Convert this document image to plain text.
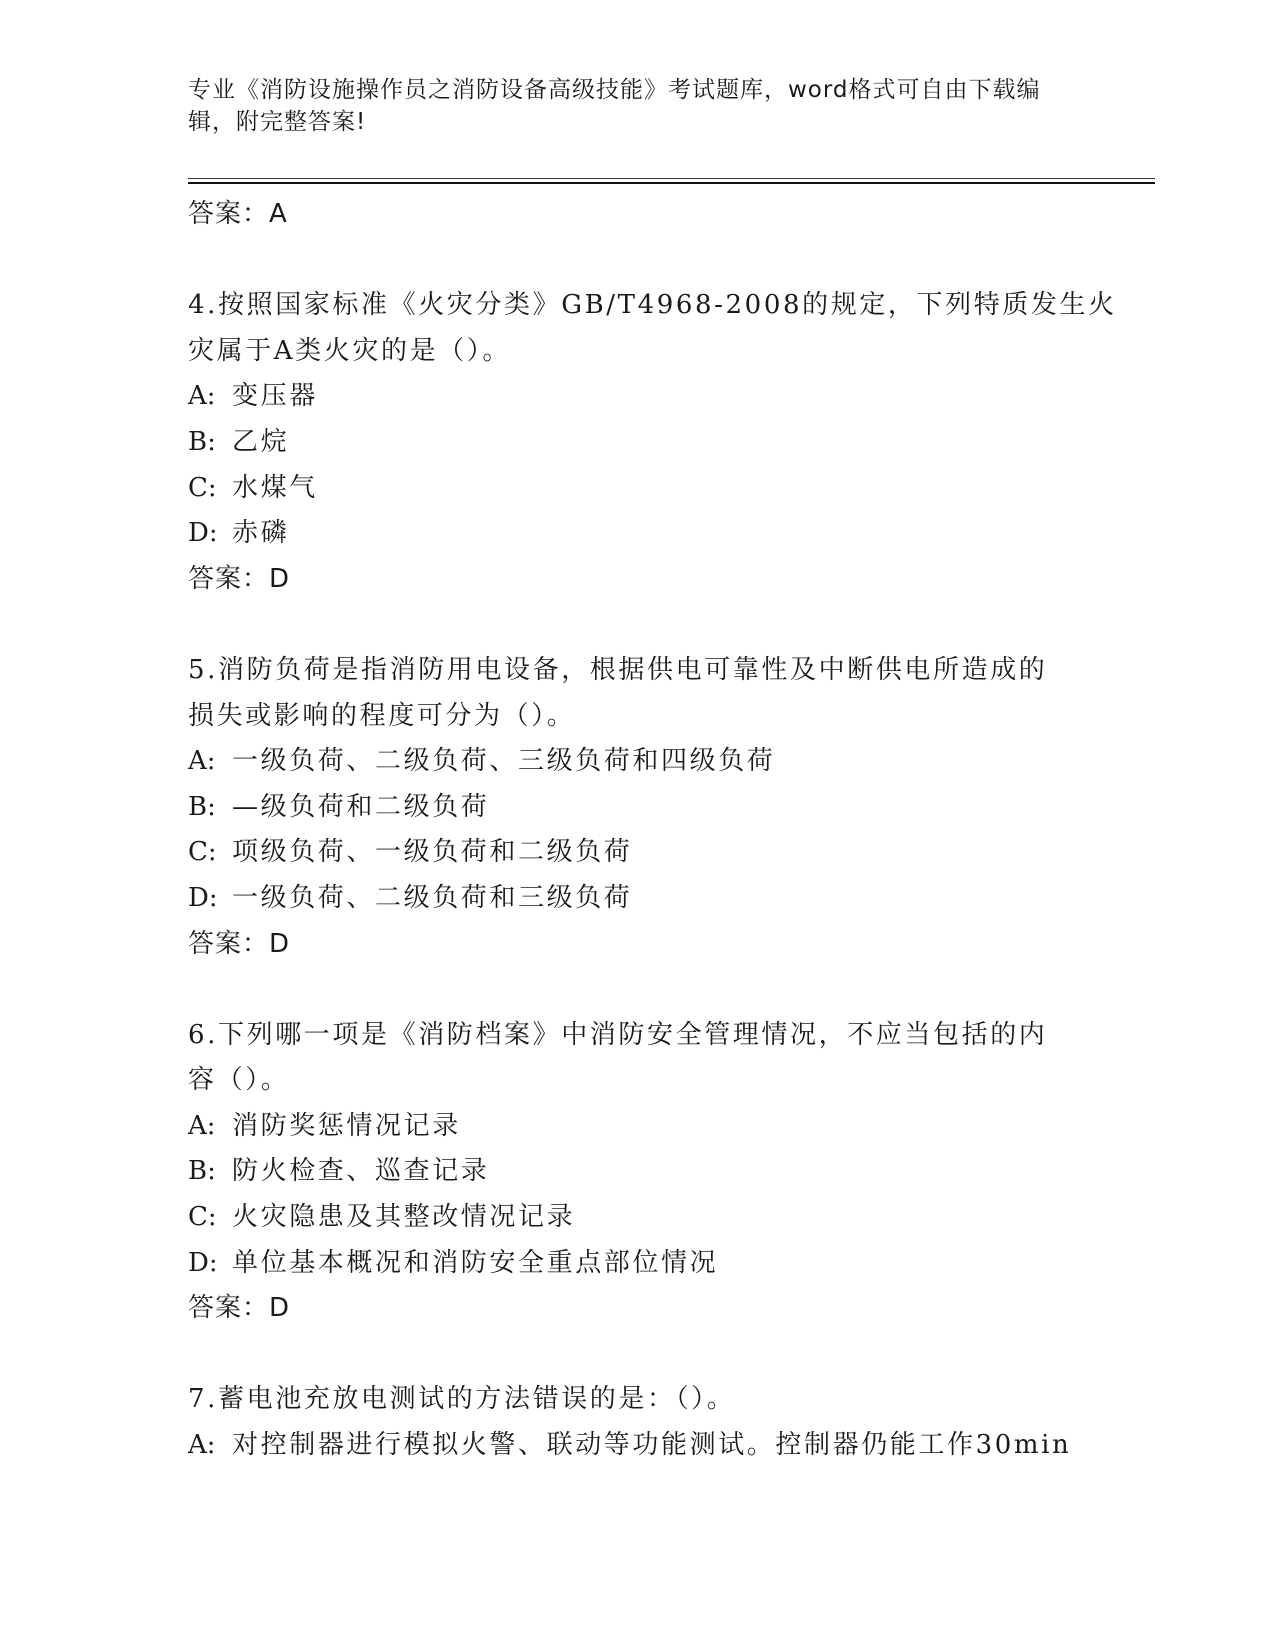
专业《消防设施操作员之消防设备高级技能》考试题库，word格式可自由下载编
辑，附完整答案!
答案：A
4.按照国家标准《火灾分类》GB/T4968-2008的规定，下列特质发生火
灾属于A类火灾的是（）。
A: 变压器
B: 乙烷
C: 水煤气
D: 赤磷
答案：D
5.消防负荷是指消防用电设备，根据供电可靠性及中断供电所造成的
损失或影响的程度可分为（）。
A: 一级负荷、二级负荷、三级负荷和四级负荷
B: —级负荷和二级负荷
C: 项级负荷、一级负荷和二级负荷
D: 一级负荷、二级负荷和三级负荷
答案：D
6.下列哪一项是《消防档案》中消防安全管理情况，不应当包括的内
容（）。
A: 消防奖惩情况记录
B: 防火检查、巡查记录
C: 火灾隐患及其整改情况记录
D: 单位基本概况和消防安全重点部位情况
答案：D
7.蓄电池充放电测试的方法错误的是：（）。
A: 对控制器进行模拟火警、联动等功能测试。控制器仍能工作30min
